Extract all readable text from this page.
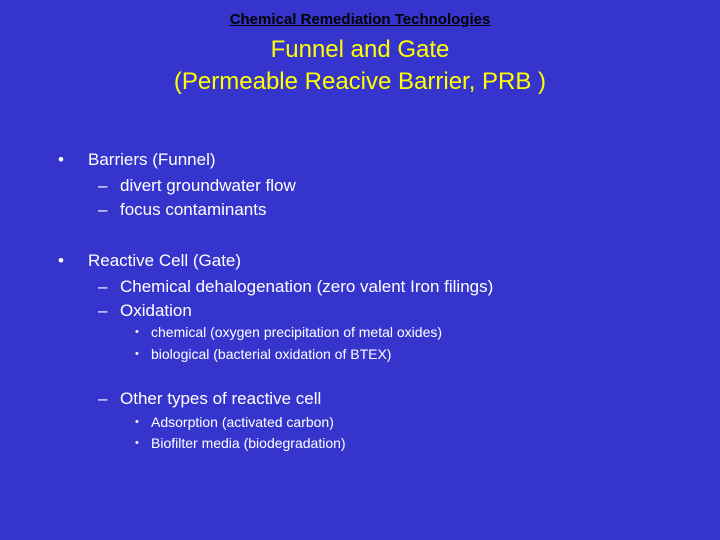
Chemical Remediation Technologies
Funnel and Gate
(Permeable Reacive Barrier, PRB )
• Barriers (Funnel)
– divert groundwater flow
– focus contaminants
• Reactive Cell (Gate)
– Chemical dehalogenation (zero valent Iron filings)
– Oxidation
• chemical (oxygen precipitation of metal oxides)
• biological (bacterial oxidation of BTEX)
– Other types of reactive cell
• Adsorption (activated carbon)
• Biofilter media (biodegradation)
